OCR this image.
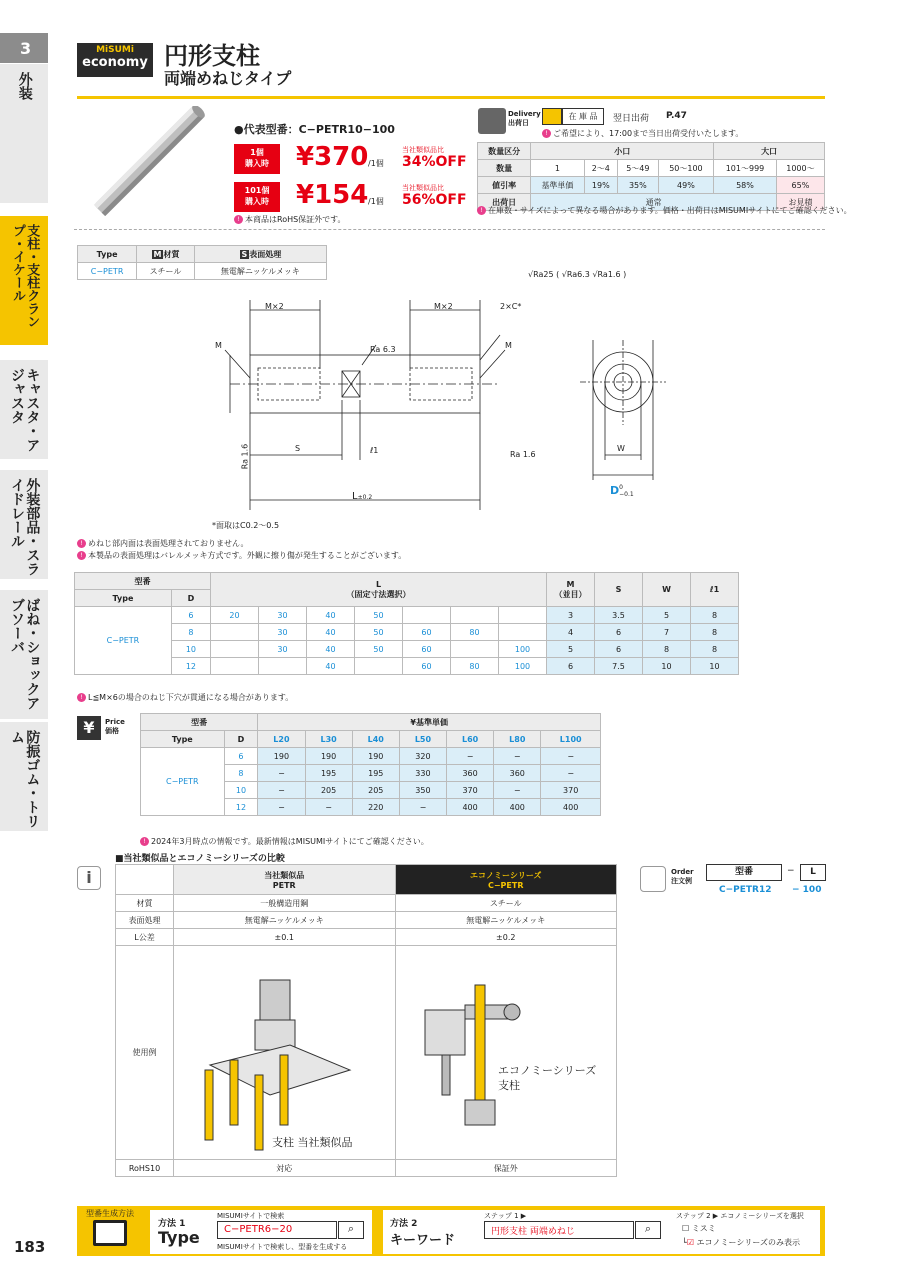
3
外装
支柱・支柱クランプ・イケール
キャスタ・アジャスタ
外装部品・スライドレール
ばね・ショックアブソーバ
防振ゴム・トリム
183
MiSUMi
economy 円形支柱
両端めねじタイプ
●代表型番：C−PETR10−100
1個
購入時	¥370 /1個
当社類似品比
34%OFF
101個
購入時	¥154 /1個
当社類似品比
56%OFF
! 本商品はRoHS保証外です。
Delivery
出荷日
在 庫 品	翌日出荷 P.47
! ご希望により、17:00まで当日出荷受付いたします。
数量区分	小口				大口	
数量	1	2〜4	5〜49	50〜100	101〜999	1000〜
値引率	基準単価	19%	35%	49%	58%	65%
出荷日	通常					お見積
! 在庫数・サイズによって異なる場合があります。価格・出荷日はMISUMIサイトにてご確認ください。
Type	M 材質	S 表面処理
C−PETR	スチール	無電解ニッケルメッキ	√Ra25 ( √Ra6.3 √Ra1.6 )
M×2	M×2	2×C*
M	M
Ra 6.3
S	ℓ1
Ra 1.6	Ra 1.6
L±0.2
W
D0
−0.1
*面取はC0.2〜0.5
! めねじ部内面は表面処理されておりません。
! 本製品の表面処理はバレルメッキ方式です。外観に擦り傷が発生することがございます。
型番		L
（固定寸法選択）							M
（並目）	S	W	ℓ1
Type	D											
C−PETR	6	20	30	40	50				3	3.5	5	8
	8		30	40	50	60	80		4	6	7	8
	10		30	40	50	60		100	5	6	8	8
	12			40		60	80	100	6	7.5	10	10
! L≦M×6の場合のねじ下穴が貫通になる場合があります。
¥	Price
価格
型番		¥基準単価						
Type	D	L20	L30	L40	L50	L60	L80	L100
C−PETR	6	190	190	190	320	−	−	−
	8	−	195	195	330	360	360	−
	10	−	205	205	350	370	−	370
	12	−	−	220	−	400	400	400
! 2024年3月時点の情報です。最新情報はMISUMIサイトにてご確認ください。
i
■当社類似品とエコノミーシリーズの比較
	当社類似品
PETR	エコノミーシリーズ
C−PETR
材質	一般構造用鋼	スチール
表面処理	無電解ニッケルメッキ	無電解ニッケルメッキ
L公差	±0.1	±0.2
使用例		
RoHS10	対応	保証外
支柱 当社類似品
エコノミーシリーズ
支柱
Order
注文例
型番	−	L
C−PETR12 − 100
型番生成方法
方法 1
Type
MISUMIサイトで検索
C−PETR6−20	⌕
MISUMIサイトで検索し、型番を生成する
方法 2
キーワード
ステップ 1 ▶
円形支柱 両端めねじ	⌕
ステップ 2 ▶ エコノミーシリーズを選択
☐ ミスミ
└☑ エコノミーシリーズのみ表示
